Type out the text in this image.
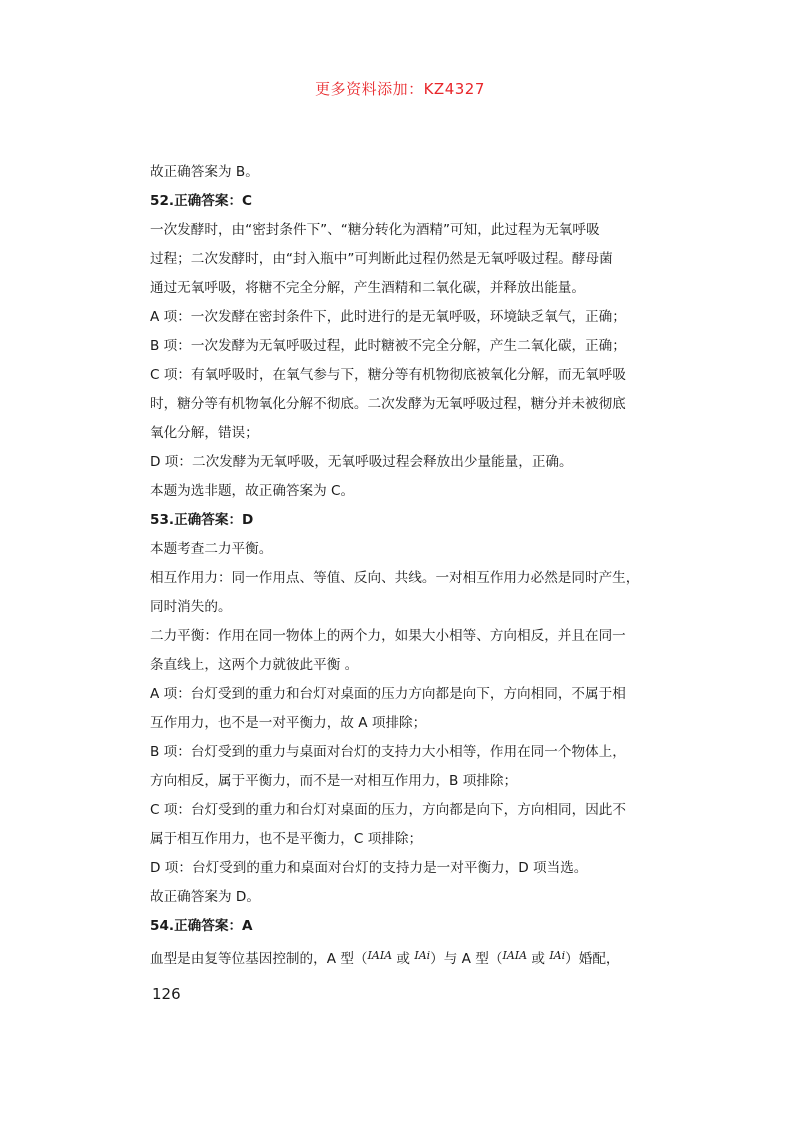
更多资料添加：KZ4327

故正确答案为 B。

52.正确答案：C

一次发酵时，由“密封条件下”、“糖分转化为酒精”可知，此过程为无氧呼吸

过程；二次发酵时，由“封入瓶中”可判断此过程仍然是无氧呼吸过程。酵母菌

通过无氧呼吸，将糖不完全分解，产生酒精和二氧化碳，并释放出能量。

A 项：一次发酵在密封条件下，此时进行的是无氧呼吸，环境缺乏氧气，正确；

B 项：一次发酵为无氧呼吸过程，此时糖被不完全分解，产生二氧化碳，正确；

C 项：有氧呼吸时，在氧气参与下，糖分等有机物彻底被氧化分解，而无氧呼吸

时，糖分等有机物氧化分解不彻底。二次发酵为无氧呼吸过程，糖分并未被彻底

氧化分解，错误；

D 项：二次发酵为无氧呼吸，无氧呼吸过程会释放出少量能量，正确。

本题为选非题，故正确答案为 C。

53.正确答案：D

本题考查二力平衡。

相互作用力：同一作用点、等值、反向、共线。一对相互作用力必然是同时产生，

同时消失的。

二力平衡：作用在同一物体上的两个力，如果大小相等、方向相反，并且在同一

条直线上，这两个力就彼此平衡 。

A 项：台灯受到的重力和台灯对桌面的压力方向都是向下，方向相同，不属于相

互作用力，也不是一对平衡力，故 A 项排除；

B 项：台灯受到的重力与桌面对台灯的支持力大小相等，作用在同一个物体上，

方向相反，属于平衡力，而不是一对相互作用力，B 项排除；

C 项：台灯受到的重力和台灯对桌面的压力，方向都是向下，方向相同，因此不

属于相互作用力，也不是平衡力，C 项排除；

D 项：台灯受到的重力和桌面对台灯的支持力是一对平衡力，D 项当选。

故正确答案为 D。

54.正确答案：A

血型是由复等位基因控制的，A 型（$^{IAIA}$ 或 $^{IAi}$）与 A 型（$^{IAIA}$ 或 $^{IAi}$）婚配，

126
